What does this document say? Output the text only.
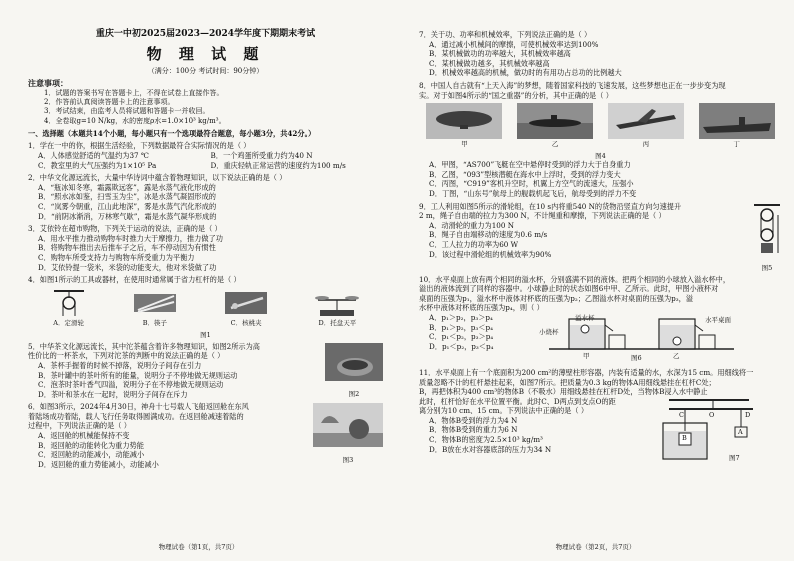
重庆一中初2025届2023—2024学年度下期期末考试
物 理 试 题
（满分：100分 考试时间：90分钟）
注意事项：
1．试题的答案书写在答题卡上，不得在试卷上直接作答。
2．作答前认真阅读答题卡上的注意事项。
3．考试结束，由监考人员将试题和答题卡一并收回。
4．全卷取g=10 N/kg，水的密度ρ水=1.0×10³ kg/m³。
一、选择题（本题共14个小题，每小题只有一个选项最符合题意，每小题3分，共42分。）
1．学在一中的你，根据生活经验，下列数据最符合实际情况的是（ ）
A．人体感觉舒适的气温约为37 ℃	B．一个鸡蛋所受重力约为40 N
C．教室里的大气压强约为1×10⁵ Pa	D．重庆轻轨正常运营的速度约为100 m/s
2．中华文化源远流长，大量中华诗词中蕴含着物理知识，以下说法正确的是（ ）
A．“瓶冰知冬寒，霜露欺远客”，露是水蒸气液化形成的
B．“照水冰如鉴，扫雪玉为尘”，冰是水蒸气凝固形成的
C．“岚雾今朝重，江山此地深”，雾是水蒸气汽化形成的
D．“前阴冰渐消，万林寒气歇”，霜是水蒸气凝华形成的
3．艾依铃在超市购物，下列关于运动的说法，正确的是（ ）
A．用水平推力推动购物车时推力大于摩擦力，推力做了功
B．将购物车推出去后推车子之后，车不停动因为有惯性
C．购物车所受支持力与购物车所受重力为平衡力
D．艾依铃提一袋米，米袋的动能变大，他对米袋做了功
4．如图1所示的工具或器材，在使用时通常属于省力杠杆的是（ ）
A．定滑轮	B．筷子	C．核桃夹	D．托盘天平
图1
图2
5．中华茶文化源远流长，其中沱茶蕴含着许多物理知识，如图2所示为高
性价比的一杯茶水，下列对沱茶的判断中的说法正确的是（ ）
A．茶杯手握着的时候不掉落，说明分子间存在引力
B．茶叶罐中的茶叶所有的能量，说明分子不停地做无规则运动
C．泡茶时茶叶香气四溢，说明分子在不停地做无规则运动
D．茶叶和茶水在一起时，说明分子间存在斥力
图3
6．如图3所示，2024年4月30日，神舟十七号载人飞船返回舱在东风
着陆场成功着陆，载人飞行任务取得圆满成功。在返回舱减速着陆的
过程中，下列说法正确的是（ ）
A．返回舱的机械能保持不变
B．返回舱的动能转化为重力势能
C．返回舱的动能减小，动能减小
D．返回舱的重力势能减小，动能减小
物理试卷（第1页，共7页）
7．关于功、功率和机械效率，下列说法正确的是（ ）
A．通过减小机械间的摩擦，可使机械效率达到100%
B．某机械做功的功率越大，其机械效率越高
C．某机械做功越多，其机械效率越高
D．机械效率越高的机械，做功时的有用功占总功的比例越大
8．中国人自古就有“上天入海”的梦想，随着国家科技的飞速发展，这些梦想也正在一步步变为现
实。对于如图4所示的“国之重器”的分析，其中正确的是（ ）
甲	乙	丙	丁
图4
A．甲图，“AS700”飞艇在空中悬停时受到的浮力大于自身重力
B．乙图，“093”型核潜艇在海水中上浮时，受到的浮力变大
C．丙图，“C919”客机升空时，机翼上方空气的流速大，压强小
D．丁图，“山东号”航母上的舰载机起飞后，航母受到的浮力不变
图5
9．工人利用如图5所示的滑轮组，在10 s内将重540 N的货物沿竖直方向匀速提升
2 m，绳子自由端的拉力为300 N，不计绳重和摩擦，下列说法正确的是（ ）
A．动滑轮的重力为100 N
B．绳子自由端移动的速度为0.6 m/s
C．工人拉力的功率为60 W
D．该过程中滑轮组的机械效率为90%
10．水平桌面上放有两个相同的溢水杯，分别盛满不同的液体。把两个相同的小球放入溢水杯中，
溢出的液体流到了同样的容器中。小球静止时的状态如图6中甲、乙所示。此时，甲图小液杯对
桌面的压强为p₁，溢水杯中液体对杯底的压强为p₂；乙图溢水杯对桌面的压强为p₃，溢
水杯中液体对杯底的压强为p₄，则（ ）
A．p₁＞p₂，p₃＞p₄
B．p₁＞p₂，p₃＜p₄
C．p₁＜p₂，p₃＞p₄
D．p₁＜p₂，p₃＜p₄
溢水杯
小烧杯
甲	乙
水平桌面
图6
11．水平桌面上有一个底面积为200 cm²的薄壁柱形容器，内装有适量的水，水深为15 cm。用细线将一
质量忽略不计的杠杆悬挂起来，如图7所示。把质量为0.3 kg的物体A用细线悬挂在杠杆C处；
B，再把体积为400 cm³的物体B（不吸水）用细线悬挂在杠杆D处，当物体B浸入水中静止
此时，杠杆恰好在水平位置平衡。此时C、D两点到支点O的距
离分别为10 cm、15 cm。下列说法中正确的是（ ）
A．物体B受到的浮力为4 N
B．物体B受到的重力为6 N
C．物体B的密度为2.5×10³ kg/m³
D．B放在水对容器底部的压力为34 N
C	O	D
A
B
图7
物理试卷（第2页，共7页）
